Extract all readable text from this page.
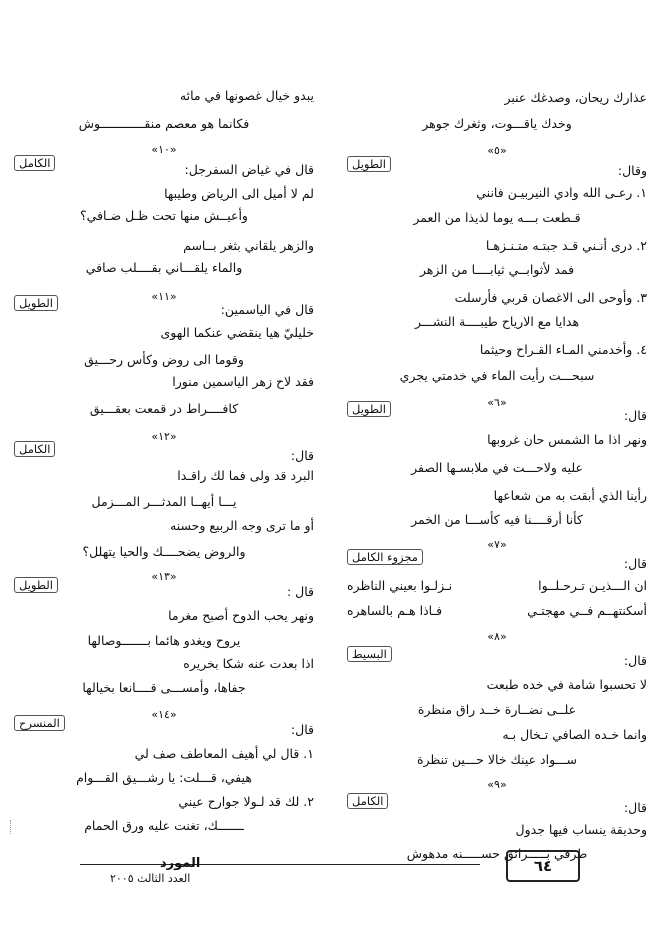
عذارك ريحان، وصدغك عنبر
وخدك ياقـــوت، وثغرك جوهر
«٥»
وقال:
الطويل
١. رعـى الله وادي النيربيـن فانني
قـطعت بـــه يوما لذيذا من العمر
٢. درى أنـني قـد جبتـه متـنـزهـا
فمد لأثوابــي ثيابــــا من الزهر
٣. وأوحى الى الاغصان قربي فأرسلت
هدايا مع الارياح طيبــــة النشـــر
٤. وأخدمني المـاء القـراح وحيثما
سبحـــت رأيت الماء في خدمتي يجري
«٦»
قال:
الطويل
ونهر اذا ما الشمس حان غروبها
عليه ولاحـــت في ملابسـها الصفر
رأينا الذي أبقت به من شعاعها
كأنا أرقــــنا فيه كأســـا من الخمر
«٧»
قال:
مجزوء الكامل
ان الـــذيـن تـرحـلــوا
نـزلـوا بعيني الناظره
أسكنتهــم فــي مهجتـي
فـاذا هـم بالساهره
«٨»
قال:
البسيط
لا تحسبوا شامة في خده طبعت
علــى نضــارة خــد راق منظرة
وانما خـده الصافي تـخال بـه
ســـواد عينك خالا حـــين تنظرة
«٩»
قال:
الكامل
وحديقة ينساب فيها جدول
طرفي بـــــرائق حســـــنه مدهوش
يبدو خيال غصونها في مائه
فكانما هو معصم منقــــــــــــوش
«١٠»
قال في غياض السفرجل:
الكامل
لم لا أميل الى الرياض وطيبها
وأعيــش منها تحت ظـل ضـافي؟
والزهر يلقاني بثغر بــاسم
والماء يلقـــاني بقــــلب صافي
«١١»
قال في الياسمين:
الطويل
خليليّ هيا ينقضي عنكما الهوى
وقوما الى روض وكأس رحـــيق
فقد لاح زهر الياسمين منورا
كافــــراط در قمعت بعقـــيق
«١٢»
قال:
الكامل
البرد قد ولى فما لك راقـدا
يـــا أيهــا المدثـــر المـــزمل
أو ما ترى وجه الربيع وحسنه
والروض يضحــــك والحيا يتهلل؟
«١٣»
قال :
الطويل
ونهر يحب الدوح أصبح مغرما
يروح ويغدو هائما بـــــــوصالها
اذا بعدت عنه شكا بخريره
جفاها، وأمســـى قــــانعا بخيالها
«١٤»
قال:
المنسرح
١. قال لي أهيف المعاطف صف لي
هيفي، قـــلت: يا رشـــيق القـــوام
٢. لك قد لـولا جوارح عيني
ـــــــك، تغنت عليه ورق الحمام
٦٤
المورد
العدد الثالث ٢٠٠٥
